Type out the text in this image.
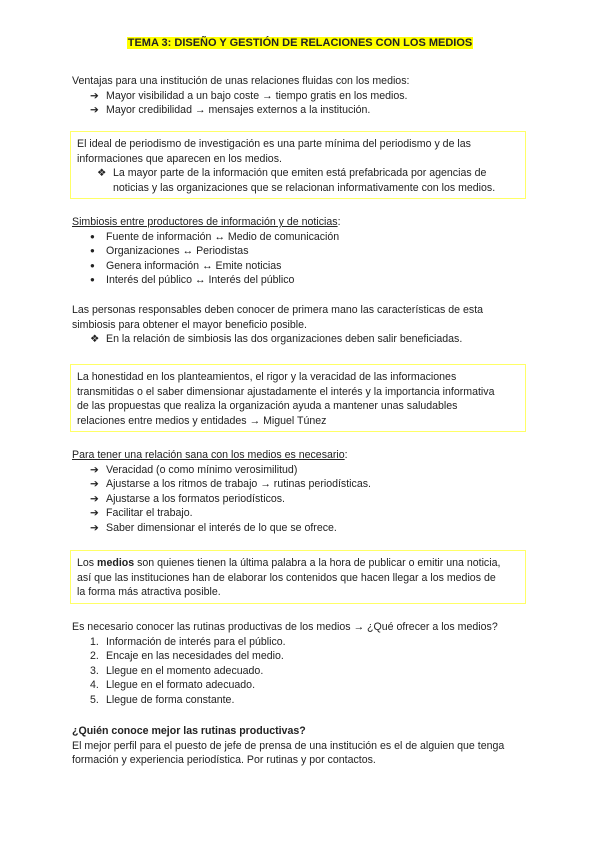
TEMA 3: DISEÑO Y GESTIÓN DE RELACIONES CON LOS MEDIOS
Ventajas para una institución de unas relaciones fluidas con los medios:
➔ Mayor visibilidad a un bajo coste → tiempo gratis en los medios.
➔ Mayor credibilidad → mensajes externos a la institución.
El ideal de periodismo de investigación es una parte mínima del periodismo y de las
informaciones que aparecen en los medios.
❖ La mayor parte de la información que emiten está prefabricada por agencias de
noticias y las organizaciones que se relacionan informativamente con los medios.
Simbiosis entre productores de información y de noticias:
● Fuente de información ↔ Medio de comunicación
● Organizaciones ↔ Periodistas
● Genera información ↔ Emite noticias
● Interés del público ↔ Interés del público
Las personas responsables deben conocer de primera mano las características de esta
simbiosis para obtener el mayor beneficio posible.
❖ En la relación de simbiosis las dos organizaciones deben salir beneficiadas.
La honestidad en los planteamientos, el rigor y la veracidad de las informaciones
transmitidas o el saber dimensionar ajustadamente el interés y la importancia informativa
de las propuestas que realiza la organización ayuda a mantener unas saludables
relaciones entre medios y entidades → Miguel Túnez
Para tener una relación sana con los medios es necesario:
➔ Veracidad (o como mínimo verosimilitud)
➔ Ajustarse a los ritmos de trabajo → rutinas periodísticas.
➔ Ajustarse a los formatos periodísticos.
➔ Facilitar el trabajo.
➔ Saber dimensionar el interés de lo que se ofrece.
Los medios son quienes tienen la última palabra a la hora de publicar o emitir una noticia,
así que las instituciones han de elaborar los contenidos que hacen llegar a los medios de
la forma más atractiva posible.
Es necesario conocer las rutinas productivas de los medios → ¿Qué ofrecer a los medios?
1. Información de interés para el público.
2. Encaje en las necesidades del medio.
3. Llegue en el momento adecuado.
4. Llegue en el formato adecuado.
5. Llegue de forma constante.
¿Quién conoce mejor las rutinas productivas?
El mejor perfil para el puesto de jefe de prensa de una institución es el de alguien que tenga
formación y experiencia periodística. Por rutinas y por contactos.
